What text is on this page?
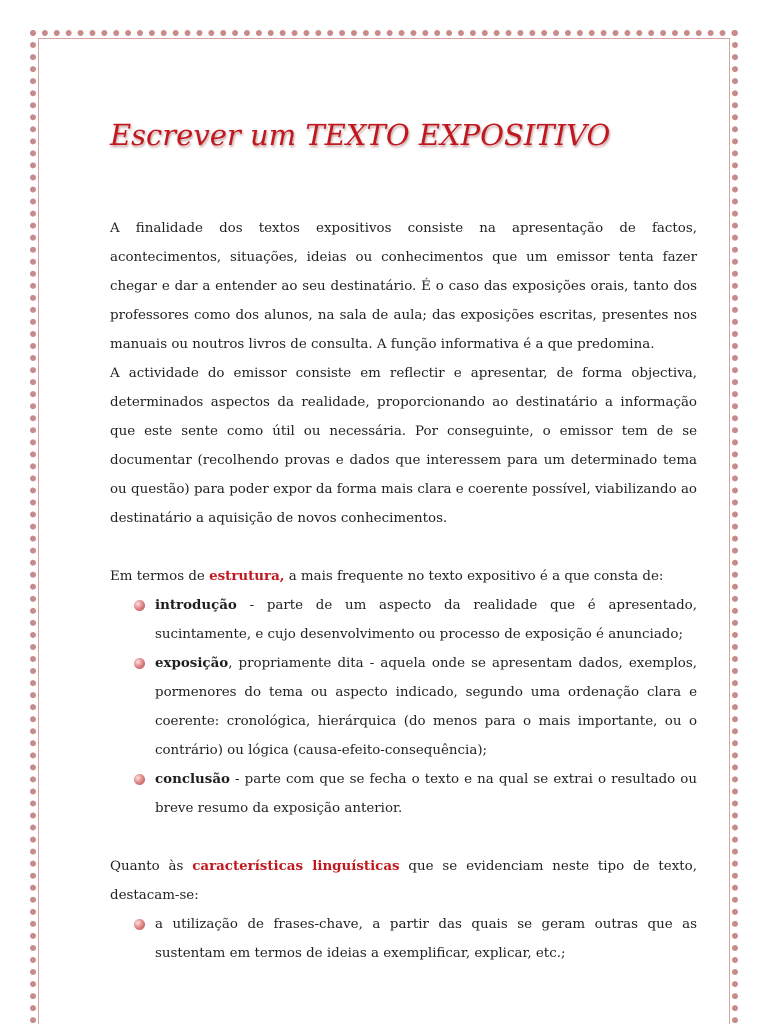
Escrever um TEXTO EXPOSITIVO

A finalidade dos textos expositivos consiste na apresentação de factos, acontecimentos, situações, ideias ou conhecimentos que um emissor tenta fazer chegar e dar a entender ao seu destinatário. É o caso das exposições orais, tanto dos professores como dos alunos, na sala de aula; das exposições escritas, presentes nos manuais ou noutros livros de consulta. A função informativa é a que predomina.

A actividade do emissor consiste em reflectir e apresentar, de forma objectiva, determinados aspectos da realidade, proporcionando ao destinatário a informação que este sente como útil ou necessária. Por conseguinte, o emissor tem de se documentar (recolhendo provas e dados que interessem para um determinado tema ou questão) para poder expor da forma mais clara e coerente possível, viabilizando ao destinatário a aquisição de novos conhecimentos.

Em termos de estrutura, a mais frequente no texto expositivo é a que consta de:

introdução - parte de um aspecto da realidade que é apresentado, sucintamente, e cujo desenvolvimento ou processo de exposição é anunciado;
exposição, propriamente dita - aquela onde se apresentam dados, exemplos, pormenores do tema ou aspecto indicado, segundo uma ordenação clara e coerente: cronológica, hierárquica (do menos para o mais importante, ou o contrário) ou lógica (causa-efeito-consequência);
conclusão - parte com que se fecha o texto e na qual se extrai o resultado ou breve resumo da exposição anterior.

Quanto às características linguísticas que se evidenciam neste tipo de texto, destacam-se:

a utilização de frases-chave, a partir das quais se geram outras que as sustentam em termos de ideias a exemplificar, explicar, etc.;
